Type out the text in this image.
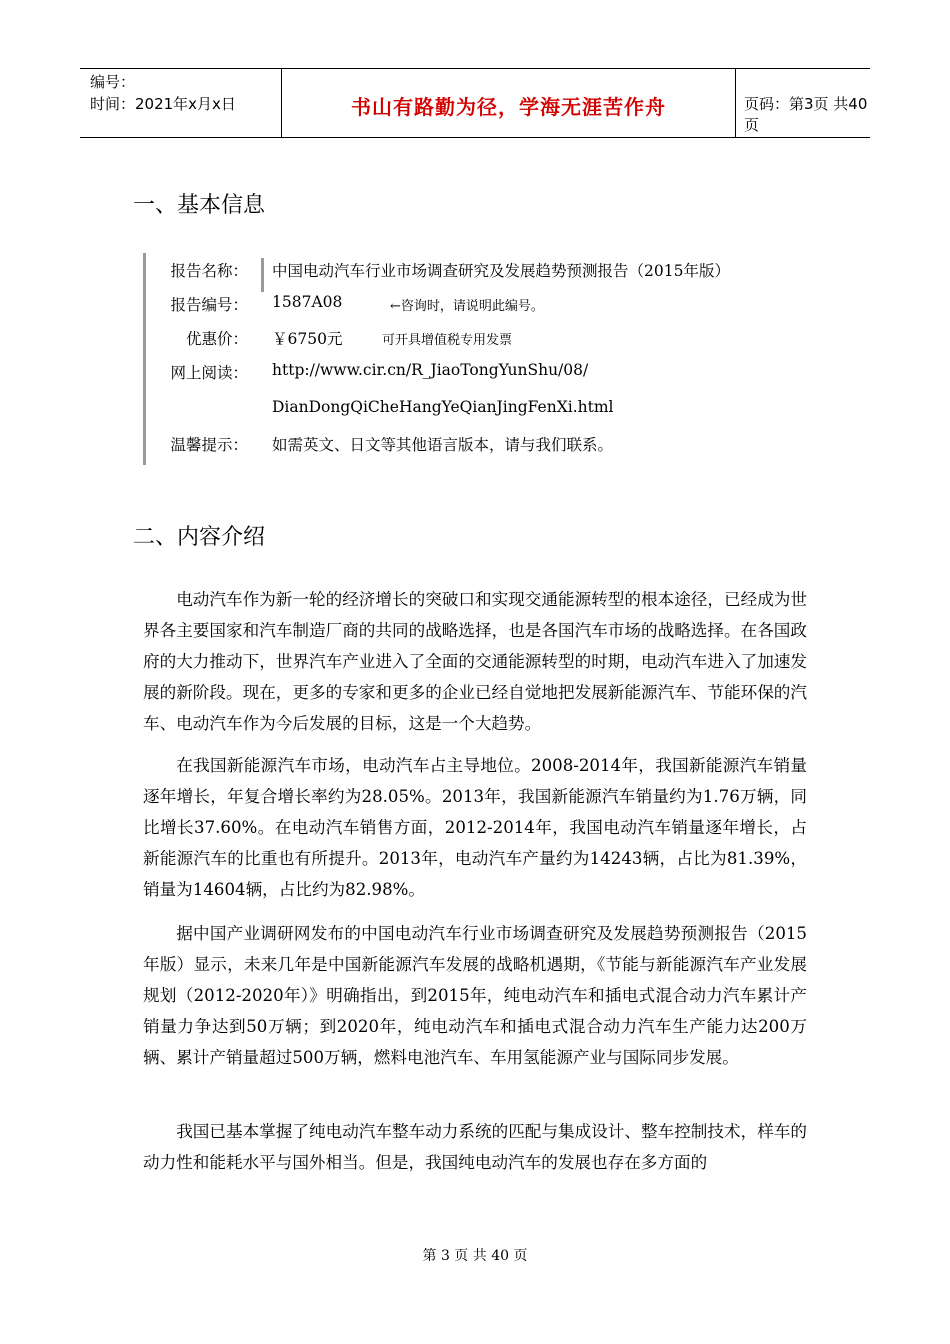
编号：
时间：2021年x月x日	书山有路勤为径，学海无涯苦作舟	页码：第3页 共40页
一、基本信息
报告名称： 中国电动汽车行业市场调查研究及发展趋势预测报告（2015年版）
报告编号： 1587A08	←咨询时，请说明此编号。
优惠价： ￥6750元	可开具增值税专用发票
网上阅读： http://www.cir.cn/R_JiaoTongYunShu/08/
DianDongQiCheHangYeQianJingFenXi.html
温馨提示： 如需英文、日文等其他语言版本，请与我们联系。
二、内容介绍

电动汽车作为新一轮的经济增长的突破口和实现交通能源转型的根本途径，已经成为世界各主要国家和汽车制造厂商的共同的战略选择，也是各国汽车市场的战略选择。在各国政府的大力推动下，世界汽车产业进入了全面的交通能源转型的时期，电动汽车进入了加速发展的新阶段。现在，更多的专家和更多的企业已经自觉地把发展新能源汽车、节能环保的汽车、电动汽车作为今后发展的目标，这是一个大趋势。

在我国新能源汽车市场，电动汽车占主导地位。2008-2014年，我国新能源汽车销量逐年增长，年复合增长率约为28.05%。2013年，我国新能源汽车销量约为1.76万辆，同比增长37.60%。在电动汽车销售方面，2012-2014年，我国电动汽车销量逐年增长，占新能源汽车的比重也有所提升。2013年，电动汽车产量约为14243辆，占比为81.39%，销量为14604辆，占比约为82.98%。

据中国产业调研网发布的中国电动汽车行业市场调查研究及发展趋势预测报告（2015年版）显示，未来几年是中国新能源汽车发展的战略机遇期，《节能与新能源汽车产业发展规划（2012-2020年）》明确指出，到2015年，纯电动汽车和插电式混合动力汽车累计产销量力争达到50万辆；到2020年，纯电动汽车和插电式混合动力汽车生产能力达200万辆、累计产销量超过500万辆，燃料电池汽车、车用氢能源产业与国际同步发展。

我国已基本掌握了纯电动汽车整车动力系统的匹配与集成设计、整车控制技术，样车的动力性和能耗水平与国外相当。但是，我国纯电动汽车的发展也存在多方面的

第 3 页 共 40 页
